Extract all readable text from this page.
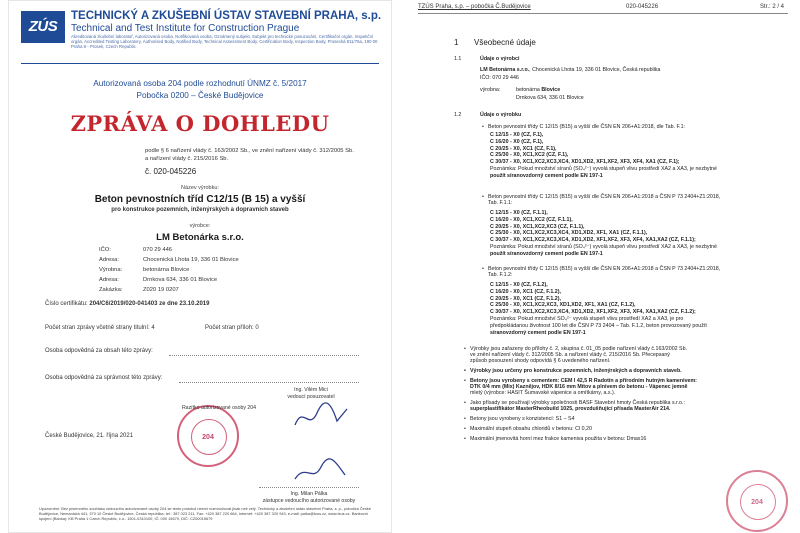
ZÚS
TECHNICKÝ A ZKUŠEBNÍ ÚSTAV STAVEBNÍ PRAHA, s.p.
Technical and Test Institute for Construction Prague
Akreditovaná zkušební laboratoř, Autorizovaná osoba, Notifikovaná osoba, Oznámený subjekt, Subjekt pro technické posuzování, Certifikační orgán, Inspekční orgán, Accredited Testing Laboratory, Authorised Body, Notified Body, Technical Assessment Body, Certification Body, Inspection Body, Prosecká 811/76a, 190 00 Praha 9 - Prosek, Czech Republic
Autorizovaná osoba 204 podle rozhodnutí ÚNMZ č. 5/2017
Pobočka 0200 – České Budějovice
ZPRÁVA O DOHLEDU
podle § 6 nařízení vlády č. 163/2002 Sb., ve znění nařízení vlády č. 312/2005 Sb.
a nařízení vlády č. 215/2016 Sb.
č. 020-045226
Název výrobku:
Beton pevnostních tříd C12/15 (B 15) a vyšší
pro konstrukce pozemních, inženýrských a dopravních staveb
výrobce:
LM Betonárka s.r.o.
IČO:	070 29 446
Adresa:	Chocenická Lhota 19, 336 01 Blovice
Výrobna:	betonárna Blovice
Adresa:	Drnkova 634, 336 01 Blovice
Zakázka:	Z020 19 0207
Číslo certifikátu: 204/C6/2019/020-041403 ze dne 23.10.2019
Počet stran zprávy včetně strany titulní: 4	Počet stran příloh: 0
Osoba odpovědná za obsah této zprávy:
Osoba odpovědná za správnost této zprávy:
Ing. Vilém Mici
vedoucí posuzovatel
204
Razítko autorizované osoby 204
České Budějovice, 21. října 2021
Ing. Milan Pálka
zástupce vedoucího autorizované osoby
Upozornění: Bez písemného souhlasu vedoucího autorizované osoby 204 se tento protokol nesmí rozmnožovat jinak než celý. Technický a zkušební ústav stavební Praha, s. p., pobočka České Budějovice, Nemanická 441, 370 10 České Budějovice, Česká republika, tel.: 387 023 211, Fax: +420 387 220 664, Internet: +420 387 320 943, e-mail: palka@tzus.cz, www.tzus.cz. Bankovní spojení (Banka): KB Praha 1 Czech Republic, č.ú.: 1501-0310100, IČ: 000 15679, DIČ: CZ00015679
TZÚS Praha, s.p. – pobočka Č.Budějovice	020-045226	Str.: 2 / 4
1 Všeobecné údaje
1.1	Údaje o výrobci
LM Betonárna s.r.o., Chocenická Lhota 19, 336 01 Blovice, Česká republika
IČO: 070 29 446
výrobna:	betonárna Blovice
Drnkova 634, 336 01 Blovice
1.2	Údaje o výrobku
• Beton pevnostní třídy C 12/15 (B15) a vyšší dle ČSN EN 206+A1:2018, dle Tab. F.1:
C 12/15 - X0 (CZ, F.1),
C 16/20 - X0 (CZ, F.1),
C 20/25 - X0, XC1 (CZ, F.1),
C 25/30 - X0, XC1,XC2 (CZ, F.1),
C 30/37 - X0, XC1,XC2,XC3,XC4, XD1,XD2, XF1,XF2, XF3, XF4, XA1 (CZ, F.1);
Poznámka: Pokud množství síranů (SO₄²⁻) vyvolá stupeň vlivu prostředí XA2 a XA3, je nezbytné
použít síranovzdorný cement podle EN 197-1
• Beton pevnostní třídy C 12/15 (B15) a vyšší dle ČSN EN 206+A1:2018 a ČSN P 73 2404+Z1:2018,
Tab. F.1.1:
C 12/15 - X0 (CZ, F.1.1),
C 16/20 - X0, XC1,XC2 (CZ, F.1.1),
C 20/25 - X0, XC1,XC2,XC3 (CZ, F.1.1),
C 25/30 - X0, XC1,XC2,XC3,XC4, XD1,XD2, XF1, XA1 (CZ, F.1.1),
C 30/37 - X0, XC1,XC2,XC3,XC4, XD1,XD2, XF1,XF2, XF3, XF4, XA1,XA2 (CZ, F.1.1);
Poznámka: Pokud množství síranů (SO₄²⁻) vyvolá stupeň vlivu prostředí XA2 a XA3, je nezbytné
použít síranovzdorný cement podle EN 197-1
• Beton pevnostní třídy C 12/15 (B15) a vyšší dle ČSN EN 206+A1:2018 a ČSN P 73 2404+Z1:2018,
Tab. F.1.2:
C 12/15 - X0 (CZ, F.1.2),
C 16/20 - X0, XC1 (CZ, F.1.2),
C 20/25 - X0, XC1 (CZ, F.1.2),
C 25/30 - X0, XC1,XC2,XC3, XD1,XD2, XF1, XA1 (CZ, F.1.2),
C 30/37 - X0, XC1,XC2,XC3,XC4, XD1,XD2, XF1,XF2, XF3, XF4, XA1,XA2 (CZ, F.1.2);
Poznámka: Pokud množství SO₄²⁻ vyvolá stupeň vlivu prostředí XA2 a XA3, je pro
předpokládanou životnost 100 let dle ČSN P 73 2404 – Tab. F.1.2, beton provozovaný použít
síranovzdorný cement podle EN 197-1
• Výrobky jsou zařazeny do přílohy č. 2, skupina č. 01_05 podle nařízení vlády č.163/2002 Sb.
ve znění nařízení vlády č. 312/2005 Sb. a nařízení vlády č. 215/2016 Sb. Přecepsaný
způsob posouzení shody odpovídá § 6 uvedeného nařízení.
• Výrobky jsou určeny pro konstrukce pozemních, inženýrských a dopravních staveb.
• Betony jsou vyrobeny s cementem: CEM I 42,5 R Radotín a přírodním hutným kamenivem:
DTK 0/4 mm (Mix) Kaznějov, HDK 8/16 mm Mítov a plnivem do betonu - Vápenec jemně
mletý (výrobce: HASIT Šumavské vápenice a omítkárny, a.s.).
• Jako přísady se používají výrobky společnosti BASF Stavební hmoty Česká republika s.r.o.:
superplastifikátor MasterRheobuild 1025, provzdušňující přísada MasterAir 214.
• Betony jsou vyrobeny s konzistencí: S1 – S4
• Maximální stupeň obsahu chloridů v betonu: Cl 0,20
• Maximální jmenovitá horní mez frakce kameniva použita v betonu: Dmax16
204
